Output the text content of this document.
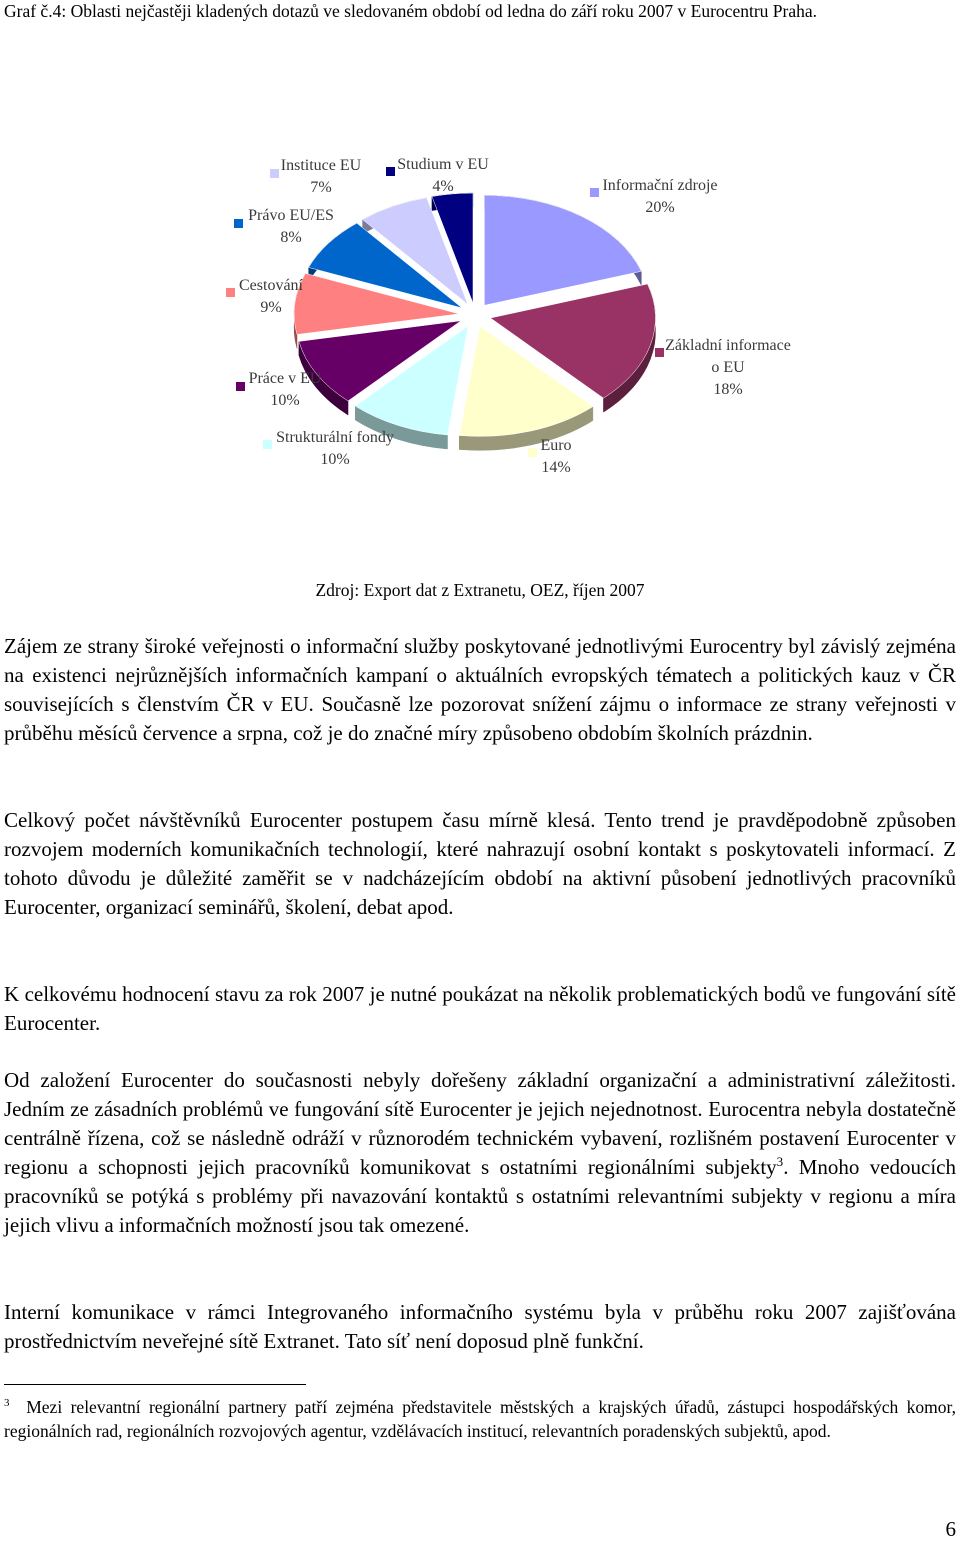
Graf č.4: Oblasti nejčastěji kladených dotazů ve sledovaném období od ledna do září roku 2007 v Eurocentru Praha.
Informační zdroje
20%
Základní informace
o EU
18%
Euro
14%
Strukturální fondy
10%
Práce v EU
10%
Cestování
9%
Právo EU/ES
8%
Instituce EU
7%
Studium v EU
4%
Zdroj: Export dat z Extranetu, OEZ, říjen 2007

Zájem ze strany široké veřejnosti o informační služby poskytované jednotlivými Eurocentry byl závislý zejména na existenci nejrůznějších informačních kampaní o aktuálních evropských tématech a politických kauz v ČR souvisejících s členstvím ČR v EU. Současně lze pozorovat snížení zájmu o informace ze strany veřejnosti v průběhu měsíců července a srpna, což je do značné míry způsobeno obdobím školních prázdnin.

Celkový počet návštěvníků Eurocenter postupem času mírně klesá. Tento trend je pravděpodobně způsoben rozvojem moderních komunikačních technologií, které nahrazují osobní kontakt s poskytovateli informací. Z tohoto důvodu je důležité zaměřit se v nadcházejícím období na aktivní působení jednotlivých pracovníků Eurocenter, organizací seminářů, školení, debat apod.

K celkovému hodnocení stavu za rok 2007 je nutné poukázat na několik problematických bodů ve fungování sítě Eurocenter.

Od založení Eurocenter do současnosti nebyly dořešeny základní organizační a administrativní záležitosti. Jedním ze zásadních problémů ve fungování sítě Eurocenter je jejich nejednotnost. Eurocentra nebyla dostatečně centrálně řízena, což se následně odráží v různorodém technickém vybavení, rozlišném postavení Eurocenter v regionu a schopnosti jejich pracovníků komunikovat s ostatními regionálními subjekty$^3$. Mnoho vedoucích pracovníků se potýká s problémy při navazování kontaktů s ostatními relevantními subjekty v regionu a míra jejich vlivu a informačních možností jsou tak omezené.

Interní komunikace v rámci Integrovaného informačního systému byla v průběhu roku 2007 zajišťována prostřednictvím neveřejné sítě Extranet. Tato síť není doposud plně funkční.

$^3$ Mezi relevantní regionální partnery patří zejména představitele městských a krajských úřadů, zástupci hospodářských komor, regionálních rad, regionálních rozvojových agentur, vzdělávacích institucí, relevantních poradenských subjektů, apod.
6
